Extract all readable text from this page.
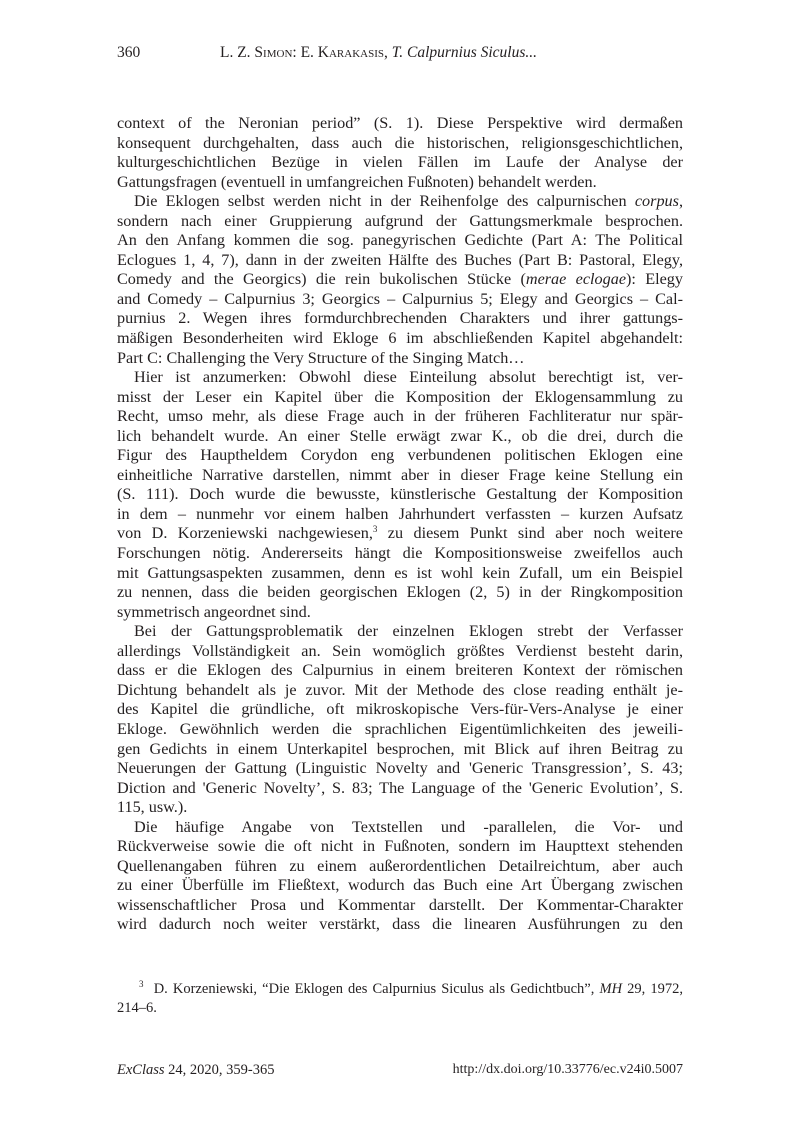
360	L. Z. Simon: E. Karakasis, T. Calpurnius Siculus...
context of the Neronian period” (S. 1). Diese Perspektive wird dermaßen
konsequent durchgehalten, dass auch die historischen, religionsgeschichtlichen,
kulturgeschichtlichen Bezüge in vielen Fällen im Laufe der Analyse der
Gattungsfragen (eventuell in umfangreichen Fußnoten) behandelt werden.
Die Eklogen selbst werden nicht in der Reihenfolge des calpurnischen corpus,
sondern nach einer Gruppierung aufgrund der Gattungsmerkmale besprochen.
An den Anfang kommen die sog. panegyrischen Gedichte (Part A: The Political
Eclogues 1, 4, 7), dann in der zweiten Hälfte des Buches (Part B: Pastoral, Elegy,
Comedy and the Georgics) die rein bukolischen Stücke (merae eclogae): Elegy
and Comedy – Calpurnius 3; Georgics – Calpurnius 5; Elegy and Georgics – Cal-
purnius 2. Wegen ihres formdurchbrechenden Charakters und ihrer gattungs-
mäßigen Besonderheiten wird Ekloge 6 im abschließenden Kapitel abgehandelt:
Part C: Challenging the Very Structure of the Singing Match…
Hier ist anzumerken: Obwohl diese Einteilung absolut berechtigt ist, ver-
misst der Leser ein Kapitel über die Komposition der Eklogensammlung zu
Recht, umso mehr, als diese Frage auch in der früheren Fachliteratur nur spär-
lich behandelt wurde. An einer Stelle erwägt zwar K., ob die drei, durch die
Figur des Hauptheldem Corydon eng verbundenen politischen Eklogen eine
einheitliche Narrative darstellen, nimmt aber in dieser Frage keine Stellung ein
(S. 111). Doch wurde die bewusste, künstlerische Gestaltung der Komposition
in dem – nunmehr vor einem halben Jahrhundert verfassten – kurzen Aufsatz
von D. Korzeniewski nachgewiesen,$^3$ zu diesem Punkt sind aber noch weitere
Forschungen nötig. Andererseits hängt die Kompositionsweise zweifellos auch
mit Gattungsaspekten zusammen, denn es ist wohl kein Zufall, um ein Beispiel
zu nennen, dass die beiden georgischen Eklogen (2, 5) in der Ringkomposition
symmetrisch angeordnet sind.
Bei der Gattungsproblematik der einzelnen Eklogen strebt der Verfasser
allerdings Vollständigkeit an. Sein womöglich größtes Verdienst besteht darin,
dass er die Eklogen des Calpurnius in einem breiteren Kontext der römischen
Dichtung behandelt als je zuvor. Mit der Methode des close reading enthält je-
des Kapitel die gründliche, oft mikroskopische Vers-für-Vers-Analyse je einer
Ekloge. Gewöhnlich werden die sprachlichen Eigentümlichkeiten des jeweili-
gen Gedichts in einem Unterkapitel besprochen, mit Blick auf ihren Beitrag zu
Neuerungen der Gattung (Linguistic Novelty and 'Generic Transgression’, S. 43;
Diction and 'Generic Novelty’, S. 83; The Language of the 'Generic Evolution’, S.
115, usw.).
Die häufige Angabe von Textstellen und -parallelen, die Vor- und
Rückverweise sowie die oft nicht in Fußnoten, sondern im Haupttext stehenden
Quellenangaben führen zu einem außerordentlichen Detailreichtum, aber auch
zu einer Überfülle im Fließtext, wodurch das Buch eine Art Übergang zwischen
wissenschaftlicher Prosa und Kommentar darstellt. Der Kommentar-Charakter
wird dadurch noch weiter verstärkt, dass die linearen Ausführungen zu den
$^3$ D. Korzeniewski, “Die Eklogen des Calpurnius Siculus als Gedichtbuch”, MH 29, 1972,
214–6.
ExClass 24, 2020, 359-365	http://dx.doi.org/10.33776/ec.v24i0.5007
